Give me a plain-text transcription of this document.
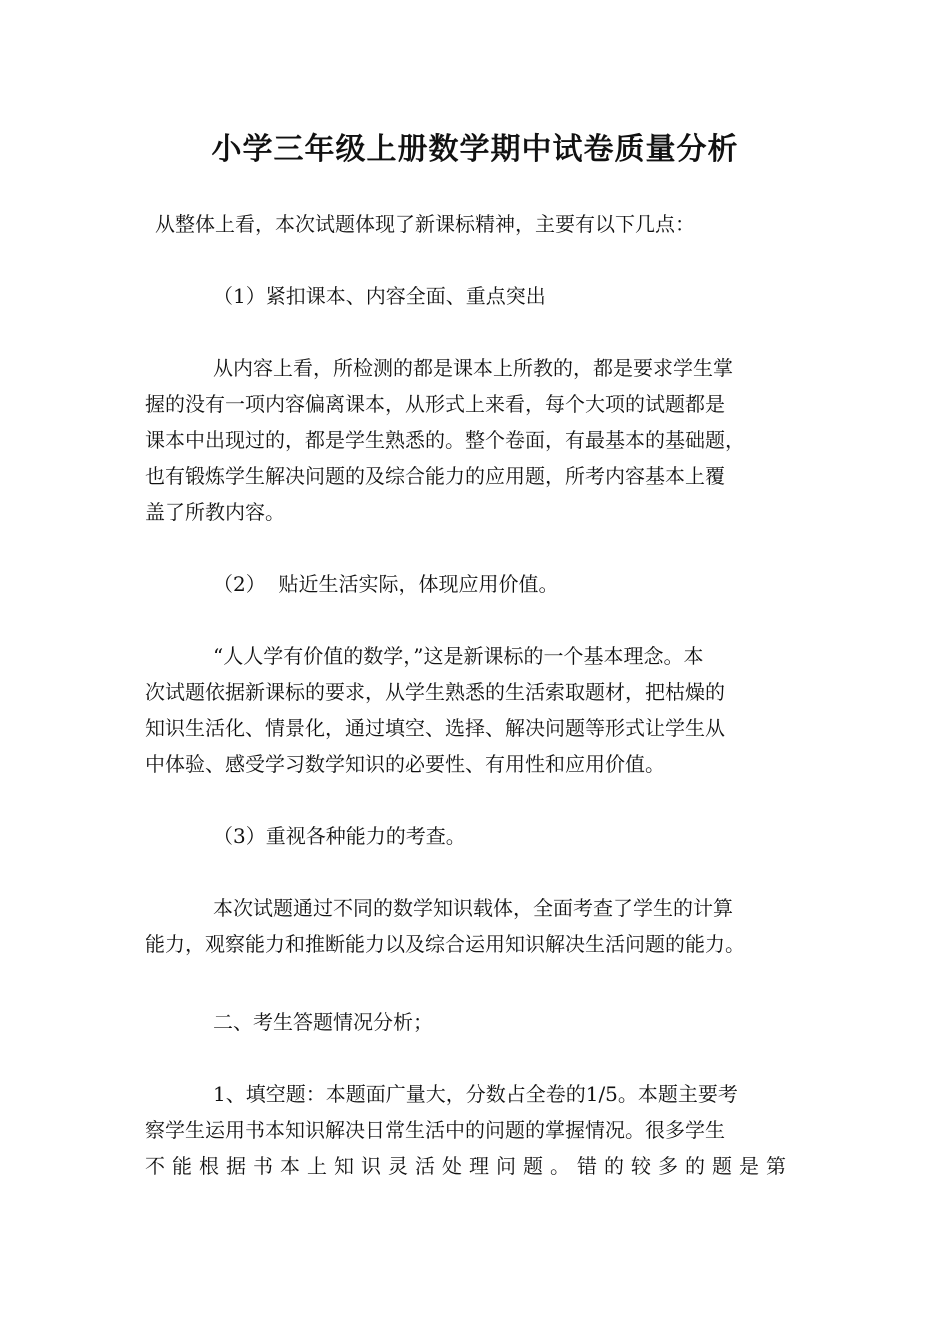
小学三年级上册数学期中试卷质量分析

从整体上看，本次试题体现了新课标精神，主要有以下几点：

（1）紧扣课本、内容全面、重点突出

从内容上看，所检测的都是课本上所教的，都是要求学生掌
握的没有一项内容偏离课本，从形式上来看，每个大项的试题都是
课本中出现过的，都是学生熟悉的。整个卷面，有最基本的基础题，
也有锻炼学生解决问题的及综合能力的应用题，所考内容基本上覆
盖了所教内容。

（2）  贴近生活实际，体现应用价值。

“人人学有价值的数学，”这是新课标的一个基本理念。本
次试题依据新课标的要求，从学生熟悉的生活索取题材，把枯燥的
知识生活化、情景化，通过填空、选择、解决问题等形式让学生从
中体验、感受学习数学知识的必要性、有用性和应用价值。

（3）重视各种能力的考查。

本次试题通过不同的数学知识载体，全面考查了学生的计算
能力，观察能力和推断能力以及综合运用知识解决生活问题的能力。

二、考生答题情况分析；

1、填空题：本题面广量大，分数占全卷的1/5。本题主要考
察学生运用书本知识解决日常生活中的问题的掌握情况。很多学生
不能根据书本上知识灵活处理问题。错的较多的题是第
